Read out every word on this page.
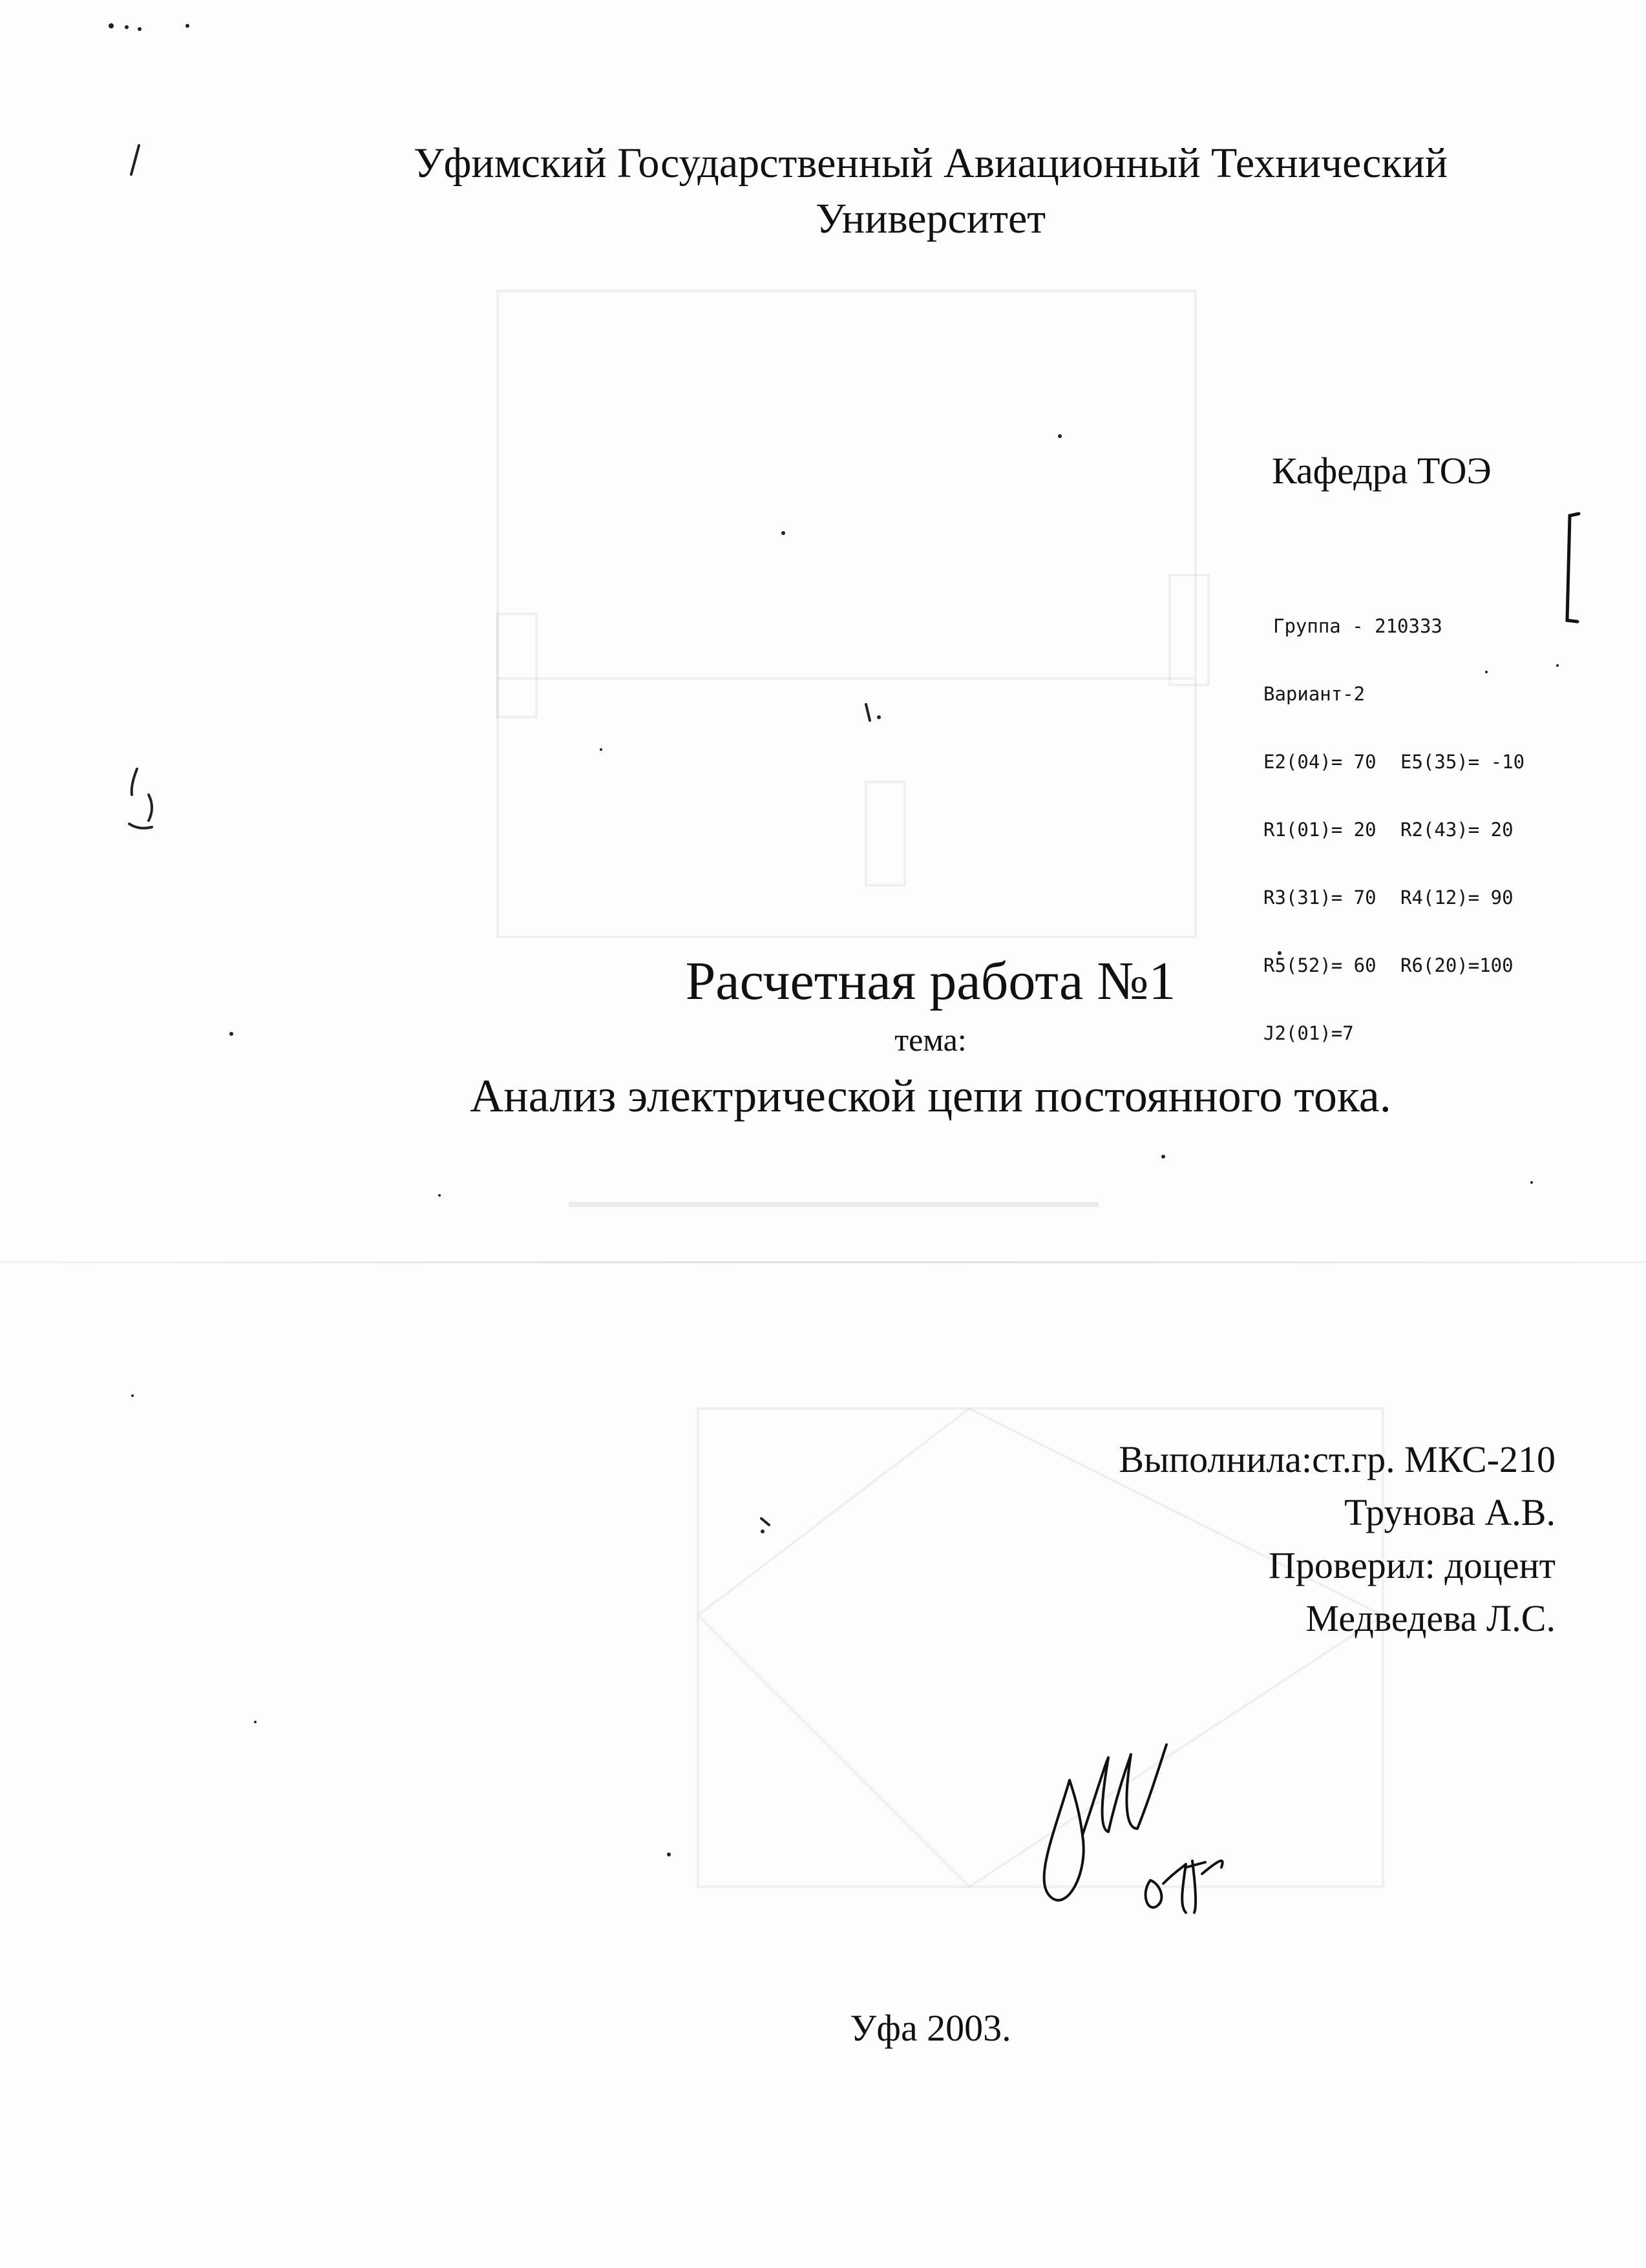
Уфимский Государственный Авиационный Технический
Университет
Кафедра ТОЭ

Группа - 210333

Вариант-2

E2(04)= 70 E5(35)= -10

R1(01)= 20 R2(43)= 20

R3(31)= 70 R4(12)= 90

R5(52)= 60 R6(20)=100

J2(01)=7

Расчетная работа №1
тема:
Анализ электрической цепи постоянного тока.
Выполнила:ст.гр. МКС-210
Трунова А.В.
Проверил: доцент
Медведева Л.С.
Уфа 2003.
